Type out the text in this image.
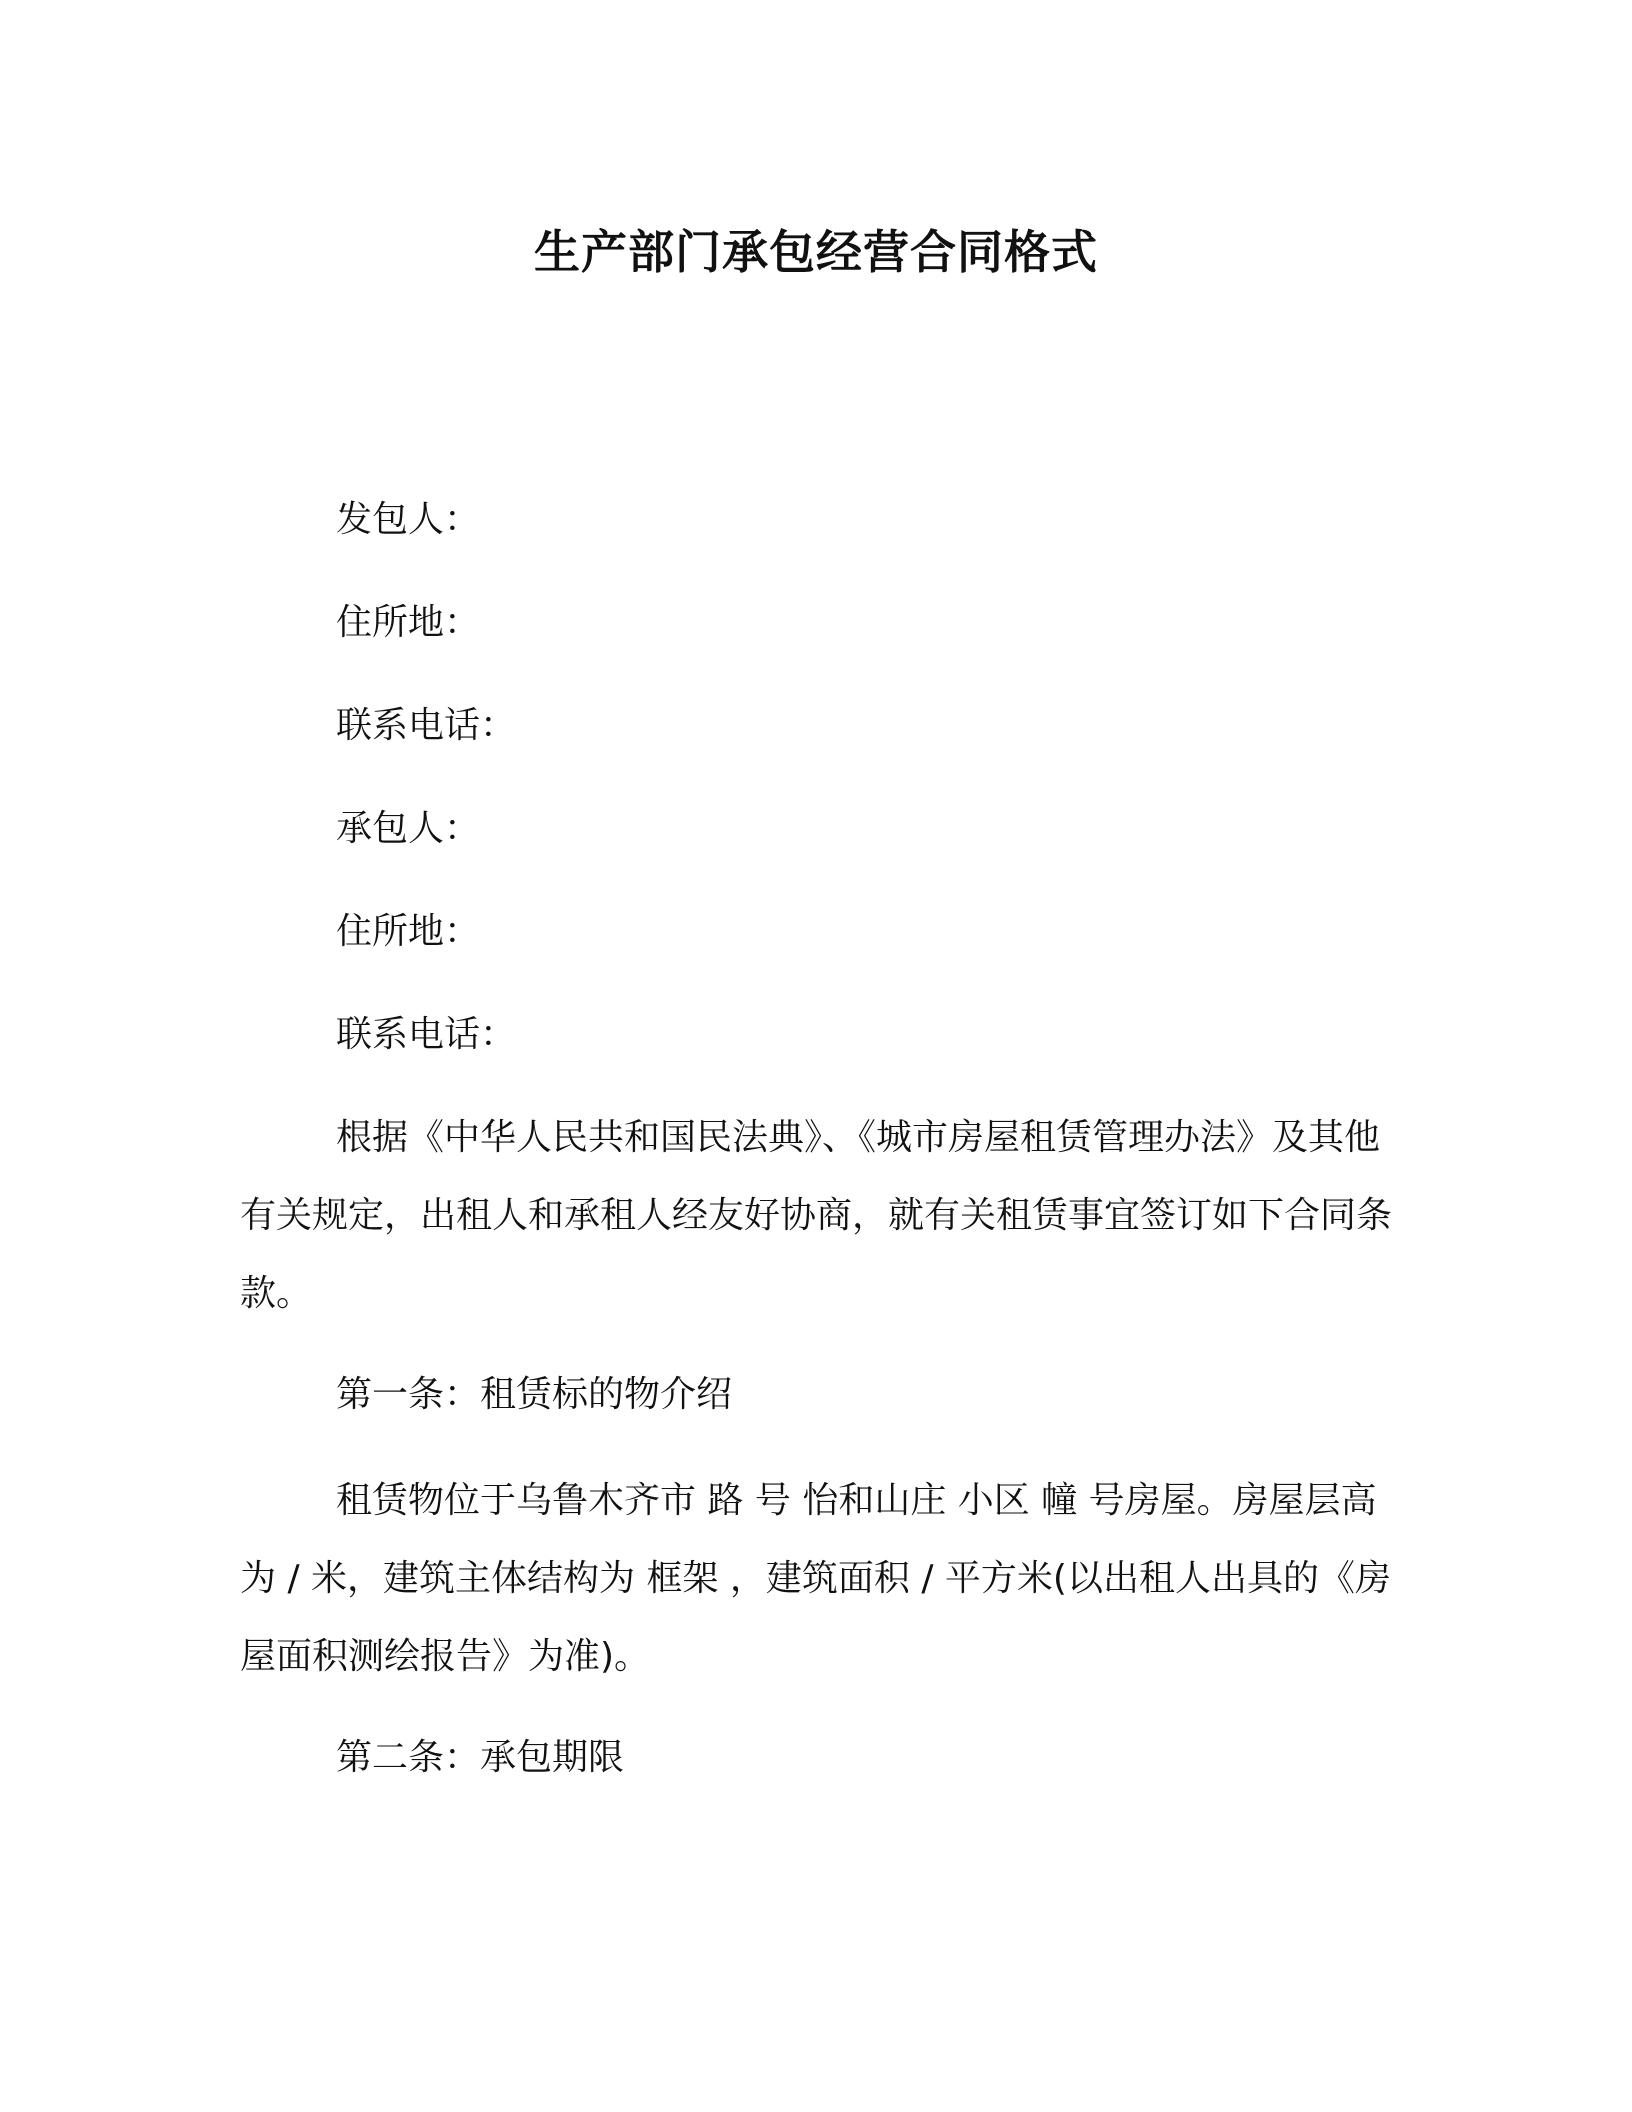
生产部门承包经营合同格式
发包人：
住所地：
联系电话：
承包人：
住所地：
联系电话：

根据《中华人民共和国民法典》、《城市房屋租赁管理办法》及其他有关规定，出租人和承租人经友好协商，就有关租赁事宜签订如下合同条款。

第一条：租赁标的物介绍

租赁物位于乌鲁木齐市 路 号 怡和山庄 小区 幢 号房屋。房屋层高为 / 米，建筑主体结构为 框架 ，建筑面积 / 平方米(以出租人出具的《房屋面积测绘报告》为准)。

第二条：承包期限
